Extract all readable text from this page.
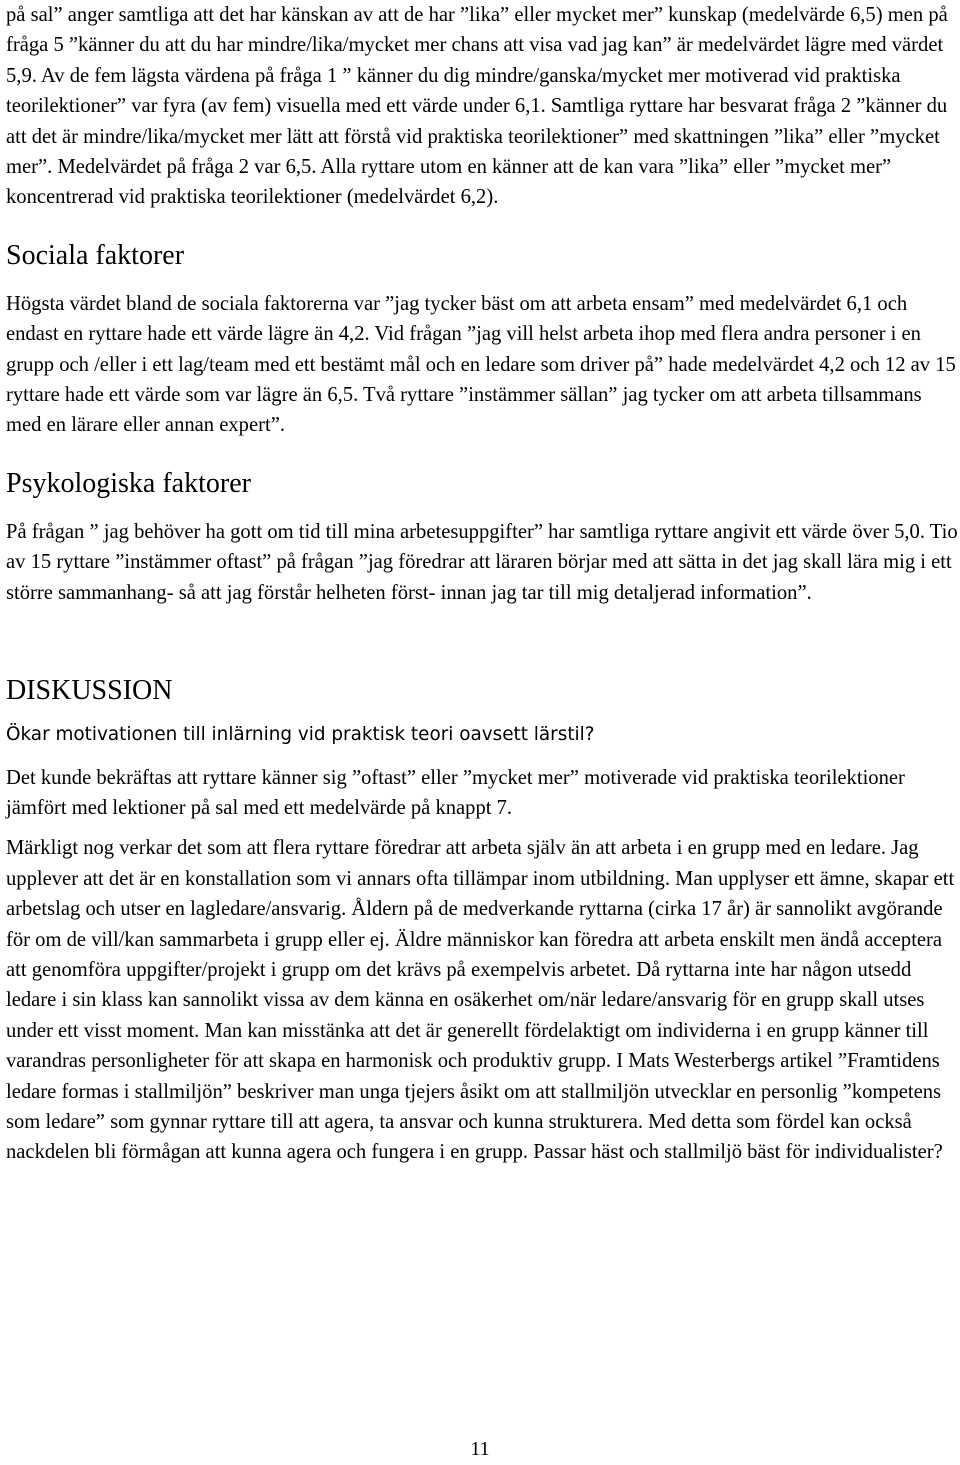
på sal” anger samtliga att det har känskan av att de har ”lika” eller mycket mer” kunskap (medelvärde 6,5) men på fråga 5 ”känner du att du har mindre/lika/mycket mer chans att visa vad jag kan” är medelvärdet lägre med värdet 5,9. Av de fem lägsta värdena på fråga 1 ” känner du dig mindre/ganska/mycket mer motiverad vid praktiska teorilektioner” var fyra (av fem) visuella med ett värde under 6,1. Samtliga ryttare har besvarat fråga 2 ”känner du att det är mindre/lika/mycket mer lätt att förstå vid praktiska teorilektioner” med skattningen ”lika” eller ”mycket mer”. Medelvärdet på fråga 2 var 6,5. Alla ryttare utom en känner att de kan vara ”lika” eller ”mycket mer” koncentrerad vid praktiska teorilektioner (medelvärdet 6,2).

Sociala faktorer

Högsta värdet bland de sociala faktorerna var ”jag tycker bäst om att arbeta ensam” med medelvärdet 6,1 och endast en ryttare hade ett värde lägre än 4,2. Vid frågan ”jag vill helst arbeta ihop med flera andra personer i en grupp och /eller i ett lag/team med ett bestämt mål och en ledare som driver på” hade medelvärdet 4,2 och 12 av 15 ryttare hade ett värde som var lägre än 6,5. Två ryttare ”instämmer sällan” jag tycker om att arbeta tillsammans med en lärare eller annan expert”.

Psykologiska faktorer

På frågan ” jag behöver ha gott om tid till mina arbetesuppgifter” har samtliga ryttare angivit ett värde över 5,0. Tio av 15 ryttare ”instämmer oftast” på frågan ”jag föredrar att läraren börjar med att sätta in det jag skall lära mig i ett större sammanhang- så att jag förstår helheten först- innan jag tar till mig detaljerad information”.

DISKUSSION

Ökar motivationen till inlärning vid praktisk teori oavsett lärstil?

Det kunde bekräftas att ryttare känner sig ”oftast” eller ”mycket mer” motiverade vid praktiska teorilektioner jämfört med lektioner på sal med ett medelvärde på knappt 7.

Märkligt nog verkar det som att flera ryttare föredrar att arbeta själv än att arbeta i en grupp med en ledare. Jag upplever att det är en konstallation som vi annars ofta tillämpar inom utbildning. Man upplyser ett ämne, skapar ett arbetslag och utser en lagledare/ansvarig. Åldern på de medverkande ryttarna (cirka 17 år) är sannolikt avgörande för om de vill/kan sammarbeta i grupp eller ej. Äldre människor kan föredra att arbeta enskilt men ändå acceptera att genomföra uppgifter/projekt i grupp om det krävs på exempelvis arbetet. Då ryttarna inte har någon utsedd ledare i sin klass kan sannolikt vissa av dem känna en osäkerhet om/när ledare/ansvarig för en grupp skall utses under ett visst moment. Man kan misstänka att det är generellt fördelaktigt om individerna i en grupp känner till varandras personligheter för att skapa en harmonisk och produktiv grupp. I Mats Westerbergs artikel ”Framtidens ledare formas i stallmiljön” beskriver man unga tjejers åsikt om att stallmiljön utvecklar en personlig ”kompetens som ledare” som gynnar ryttare till att agera, ta ansvar och kunna strukturera. Med detta som fördel kan också nackdelen bli förmågan att kunna agera och fungera i en grupp. Passar häst och stallmiljö bäst för individualister?

11
